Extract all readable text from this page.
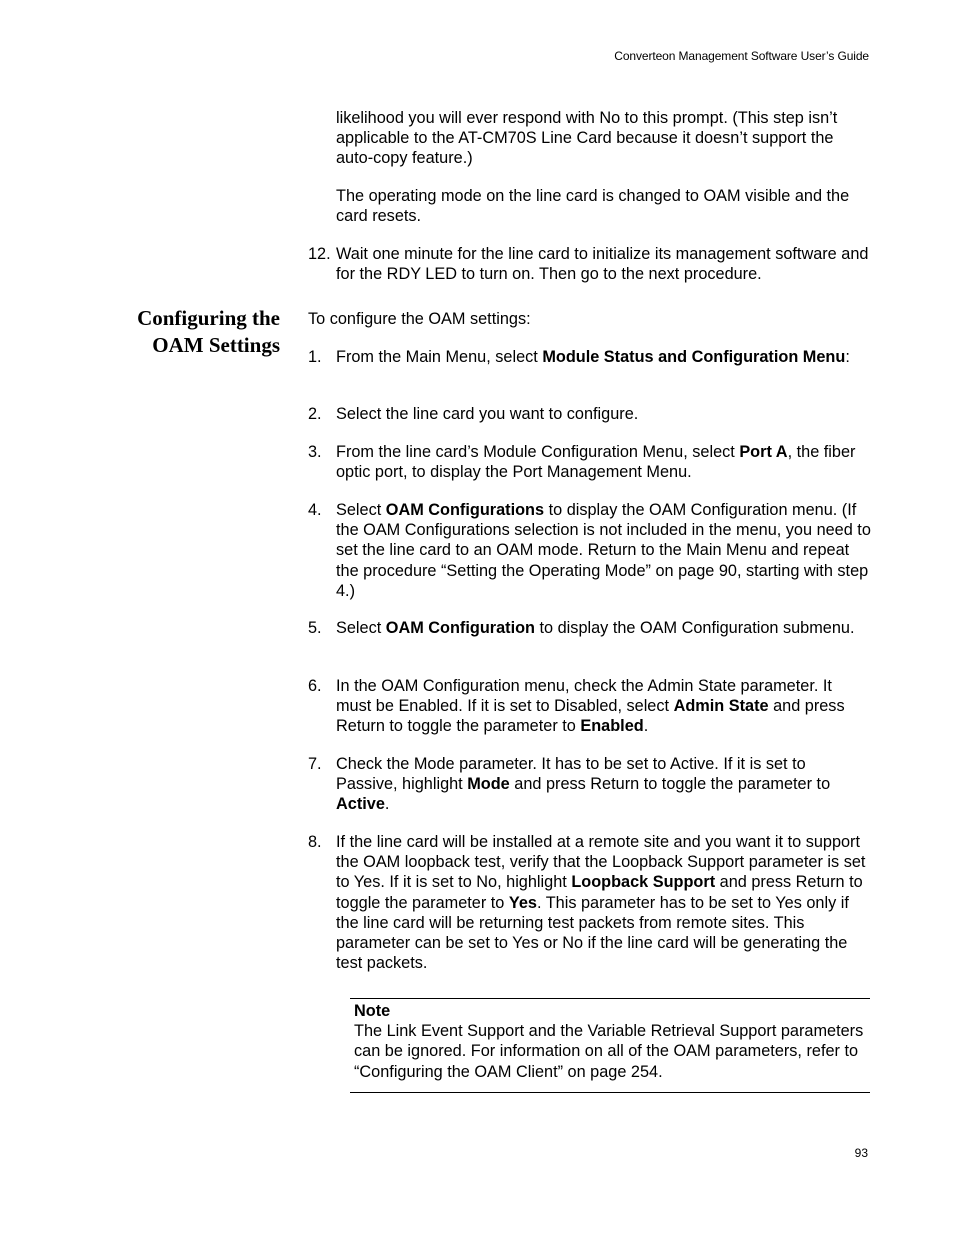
Converteon Management Software User’s Guide

likelihood you will ever respond with No to this prompt. (This step isn’t applicable to the AT-CM70S Line Card because it doesn’t support the auto-copy feature.)

The operating mode on the line card is changed to OAM visible and the card resets.

12. Wait one minute for the line card to initialize its management software and for the RDY LED to turn on. Then go to the next procedure.
Configuring the
OAM Settings
To configure the OAM settings:
1. From the Main Menu, select Module Status and Configuration Menu:
2. Select the line card you want to configure.
3. From the line card’s Module Configuration Menu, select Port A, the fiber optic port, to display the Port Management Menu.
4. Select OAM Configurations to display the OAM Configuration menu. (If the OAM Configurations selection is not included in the menu, you need to set the line card to an OAM mode. Return to the Main Menu and repeat the procedure “Setting the Operating Mode” on page 90, starting with step 4.)
5. Select OAM Configuration to display the OAM Configuration submenu.
6. In the OAM Configuration menu, check the Admin State parameter. It must be Enabled. If it is set to Disabled, select Admin State and press Return to toggle the parameter to Enabled.
7. Check the Mode parameter. It has to be set to Active. If it is set to Passive, highlight Mode and press Return to toggle the parameter to Active.
8. If the line card will be installed at a remote site and you want it to support the OAM loopback test, verify that the Loopback Support parameter is set to Yes. If it is set to No, highlight Loopback Support and press Return to toggle the parameter to Yes. This parameter has to be set to Yes only if the line card will be returning test packets from remote sites. This parameter can be set to Yes or No if the line card will be generating the test packets.
Note
The Link Event Support and the Variable Retrieval Support parameters can be ignored. For information on all of the OAM parameters, refer to “Configuring the OAM Client” on page 254.
93
